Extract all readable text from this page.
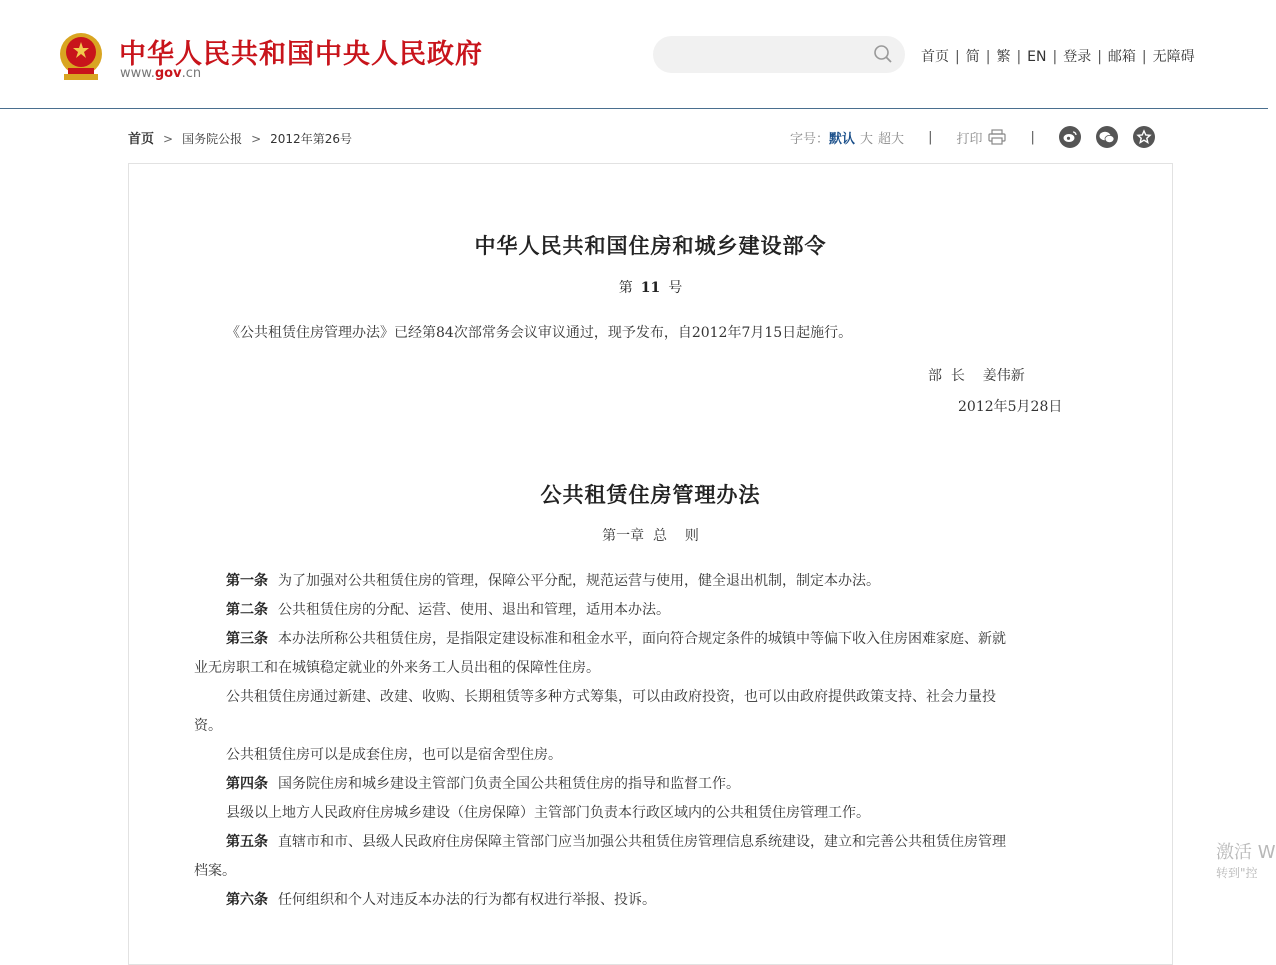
中华人民共和国中央人民政府
www.gov.cn
首页 | 简 | 繁 | EN | 登录 | 邮箱 | 无障碍
首页 > 国务院公报 > 2012年第26号	字号： 默认 大 超大 | 打印	|
中华人民共和国住房和城乡建设部令
第 11 号
《公共租赁住房管理办法》已经第84次部常务会议审议通过，现予发布，自2012年7月15日起施行。
部  长    姜伟新
2012年5月28日
公共租赁住房管理办法
第一章  总    则
第一条 为了加强对公共租赁住房的管理，保障公平分配，规范运营与使用，健全退出机制，制定本办法。
第二条 公共租赁住房的分配、运营、使用、退出和管理，适用本办法。
第三条 本办法所称公共租赁住房，是指限定建设标准和租金水平，面向符合规定条件的城镇中等偏下收入住房困难家庭、新就
业无房职工和在城镇稳定就业的外来务工人员出租的保障性住房。
公共租赁住房通过新建、改建、收购、长期租赁等多种方式筹集，可以由政府投资，也可以由政府提供政策支持、社会力量投
资。
公共租赁住房可以是成套住房，也可以是宿舍型住房。
第四条 国务院住房和城乡建设主管部门负责全国公共租赁住房的指导和监督工作。
县级以上地方人民政府住房城乡建设（住房保障）主管部门负责本行政区域内的公共租赁住房管理工作。
第五条 直辖市和市、县级人民政府住房保障主管部门应当加强公共租赁住房管理信息系统建设，建立和完善公共租赁住房管理
档案。
第六条 任何组织和个人对违反本办法的行为都有权进行举报、投诉。
激活 W
转到"控
